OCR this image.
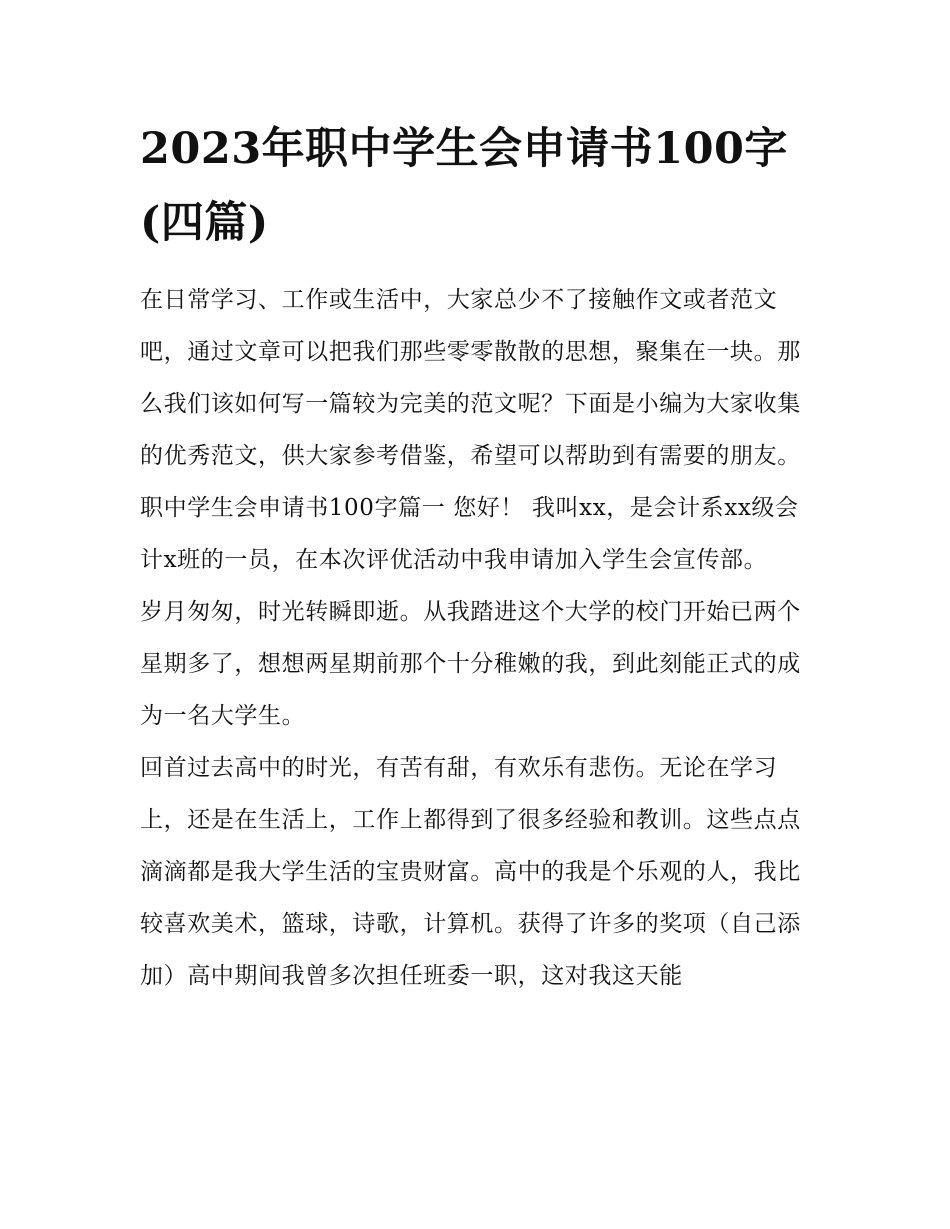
2023年职中学生会申请书100字(四篇)

在日常学习、工作或生活中，大家总少不了接触作文或者范文吧，通过文章可以把我们那些零零散散的思想，聚集在一块。那么我们该如何写一篇较为完美的范文呢？下面是小编为大家收集的优秀范文，供大家参考借鉴，希望可以帮助到有需要的朋友。

职中学生会申请书100字篇一 您好！ 我叫xx，是会计系xx级会计x班的一员，在本次评优活动中我申请加入学生会宣传部。

岁月匆匆，时光转瞬即逝。从我踏进这个大学的校门开始已两个星期多了，想想两星期前那个十分稚嫩的我，到此刻能正式的成为一名大学生。

回首过去高中的时光，有苦有甜，有欢乐有悲伤。无论在学习上，还是在生活上，工作上都得到了很多经验和教训。这些点点滴滴都是我大学生活的宝贵财富。高中的我是个乐观的人，我比较喜欢美术，篮球，诗歌，计算机。获得了许多的奖项（自己添加）高中期间我曾多次担任班委一职，这对我这天能
